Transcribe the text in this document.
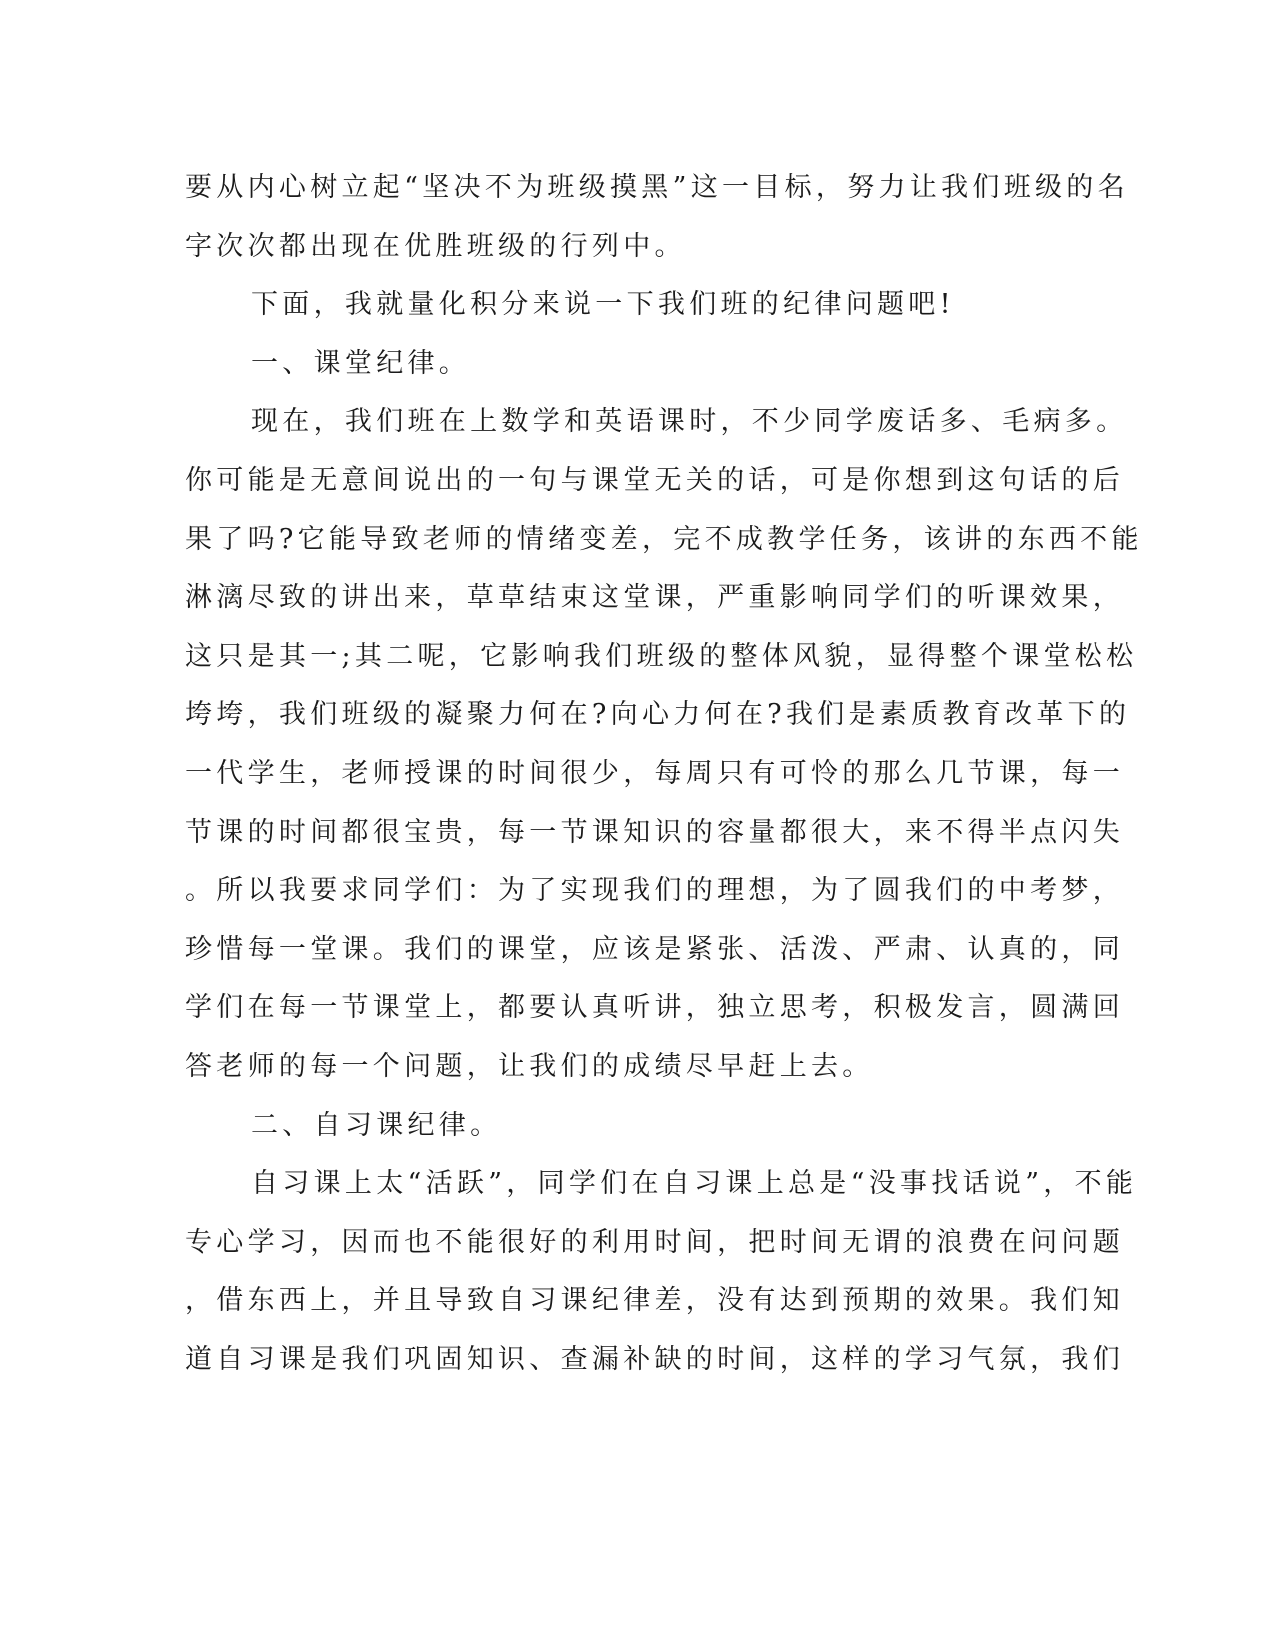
要从内心树立起“坚决不为班级摸黑”这一目标，努力让我们班级的名
字次次都出现在优胜班级的行列中。
下面，我就量化积分来说一下我们班的纪律问题吧!
一、课堂纪律。
现在，我们班在上数学和英语课时，不少同学废话多、毛病多。
你可能是无意间说出的一句与课堂无关的话，可是你想到这句话的后
果了吗?它能导致老师的情绪变差，完不成教学任务，该讲的东西不能
淋漓尽致的讲出来，草草结束这堂课，严重影响同学们的听课效果，
这只是其一;其二呢，它影响我们班级的整体风貌，显得整个课堂松松
垮垮，我们班级的凝聚力何在?向心力何在?我们是素质教育改革下的
一代学生，老师授课的时间很少，每周只有可怜的那么几节课，每一
节课的时间都很宝贵，每一节课知识的容量都很大，来不得半点闪失
。所以我要求同学们：为了实现我们的理想，为了圆我们的中考梦，
珍惜每一堂课。我们的课堂，应该是紧张、活泼、严肃、认真的，同
学们在每一节课堂上，都要认真听讲，独立思考，积极发言，圆满回
答老师的每一个问题，让我们的成绩尽早赶上去。
二、自习课纪律。
自习课上太“活跃”，同学们在自习课上总是“没事找话说”，不能
专心学习，因而也不能很好的利用时间，把时间无谓的浪费在问问题
，借东西上，并且导致自习课纪律差，没有达到预期的效果。我们知
道自习课是我们巩固知识、查漏补缺的时间，这样的学习气氛，我们
